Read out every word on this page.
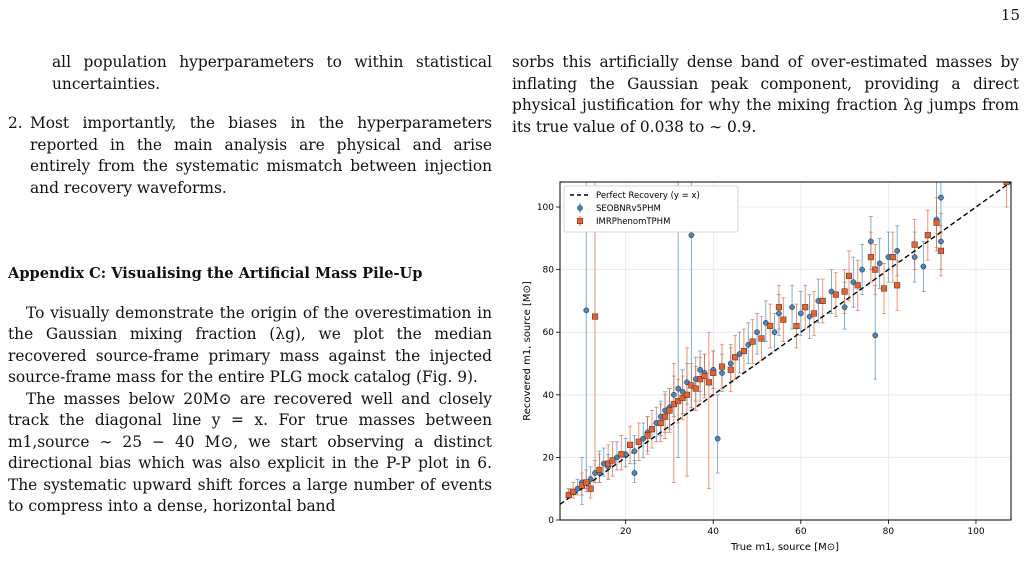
15

all population hyperparameters to within statistical uncertainties.

2. Most importantly, the biases in the hyperparameters reported in the main analysis are physical and arise entirely from the systematic mismatch between injection and recovery waveforms.

Appendix C: Visualising the Artificial Mass Pile-Up

To visually demonstrate the origin of the overestimation in the Gaussian mixing fraction (λg), we plot the median recovered source-frame primary mass against the injected source-frame mass for the entire PLG mock catalog (Fig. 9).

The masses below 20M⊙ are recovered well and closely track the diagonal line y = x. For true masses between m1,source ∼ 25 − 40 M⊙, we start observing a distinct directional bias which was also explicit in the P-P plot in 6. The systematic upward shift forces a large number of events to compress into a dense, horizontal band

sorbs this artificially dense band of over-estimated masses by inflating the Gaussian peak component, providing a direct physical justification for why the mixing fraction λg jumps from its true value of 0.038 to ∼ 0.9.

20	40	60	80	100
0
20
40
60
80
100
True m1, source [M⊙]
Recovered m1, source [M⊙]
Perfect Recovery (y = x)
SEOBNRv5PHM
IMRPhenomTPHM
